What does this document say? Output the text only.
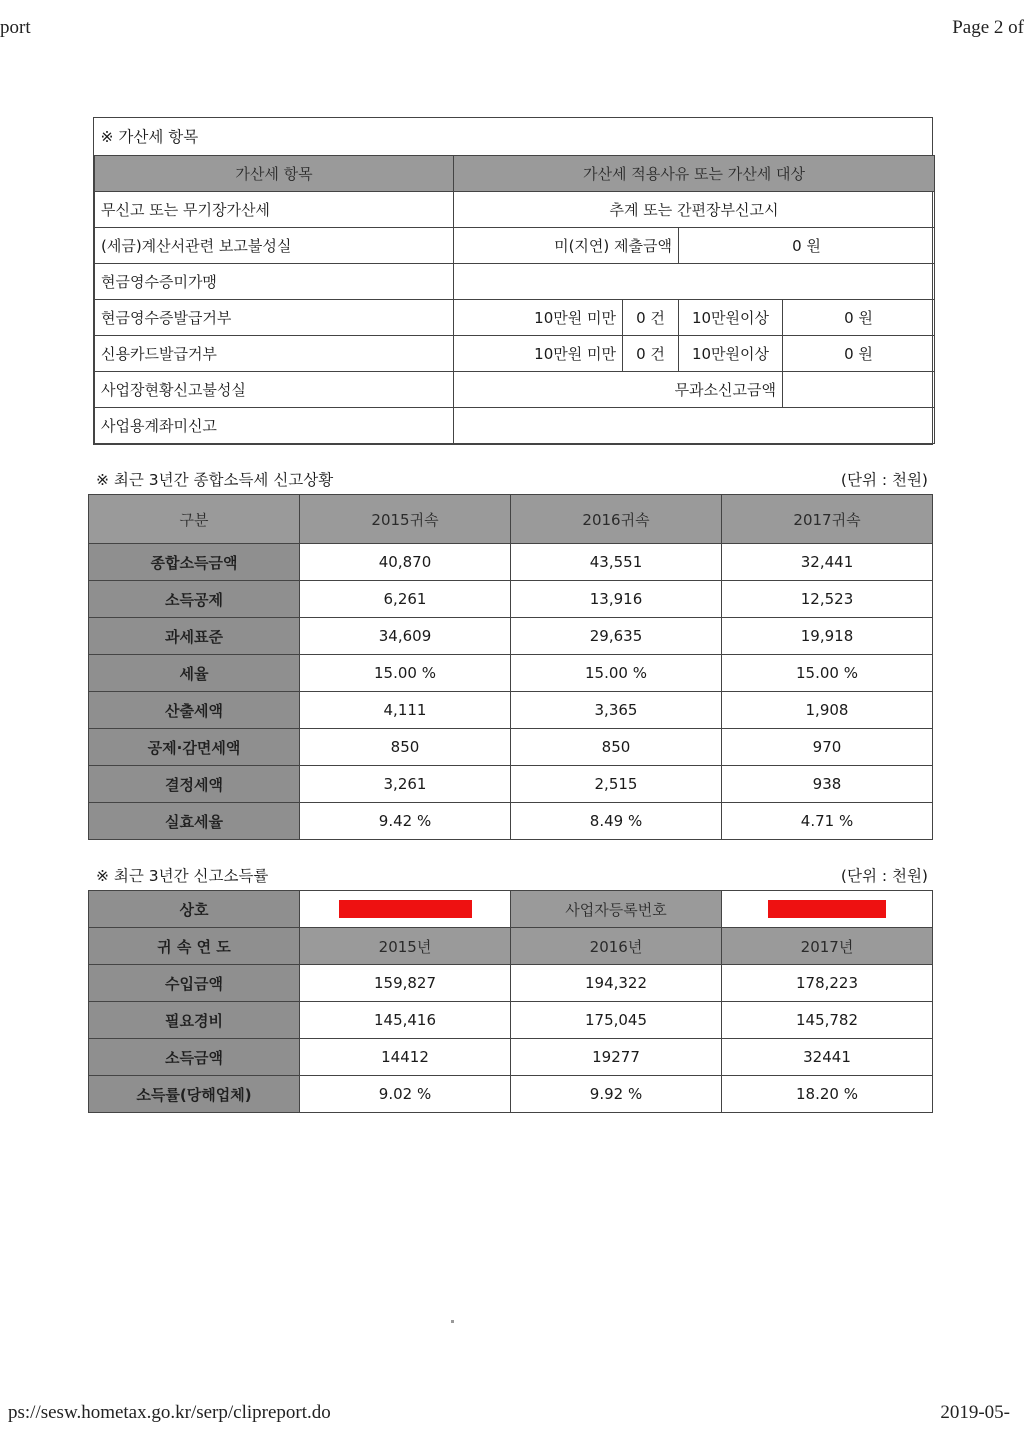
port	Page 2 of
※ 가산세 항목				
가산세 항목	가산세 적용사유 또는 가산세 대상			
무신고 또는 무기장가산세	추계 또는 간편장부신고시			
(세금)계산서관련 보고불성실	미(지연) 제출금액		0 원	
현금영수증미가맹				
현금영수증발급거부	10만원 미만	0 건	10만원이상	0 원
신용카드발급거부	10만원 미만	0 건	10만원이상	0 원
사업장현황신고불성실	무과소신고금액			
사업용계좌미신고				
※ 최근 3년간 종합소득세 신고상황	(단위 : 천원)
구분	2015귀속	2016귀속	2017귀속
종합소득금액	40,870	43,551	32,441
소득공제	6,261	13,916	12,523
과세표준	34,609	29,635	19,918
세율	15.00 %	15.00 %	15.00 %
산출세액	4,111	3,365	1,908
공제·감면세액	850	850	970
결정세액	3,261	2,515	938
실효세율	9.42 %	8.49 %	4.71 %
※ 최근 3년간 신고소득률	(단위 : 천원)
상호		사업자등록번호	
귀 속 연 도	2015년	2016년	2017년
수입금액	159,827	194,322	178,223
필요경비	145,416	175,045	145,782
소득금액	14412	19277	32441
소득률(당해업체)	9.02 %	9.92 %	18.20 %
ps://sesw.hometax.go.kr/serp/clipreport.do	2019-05-
